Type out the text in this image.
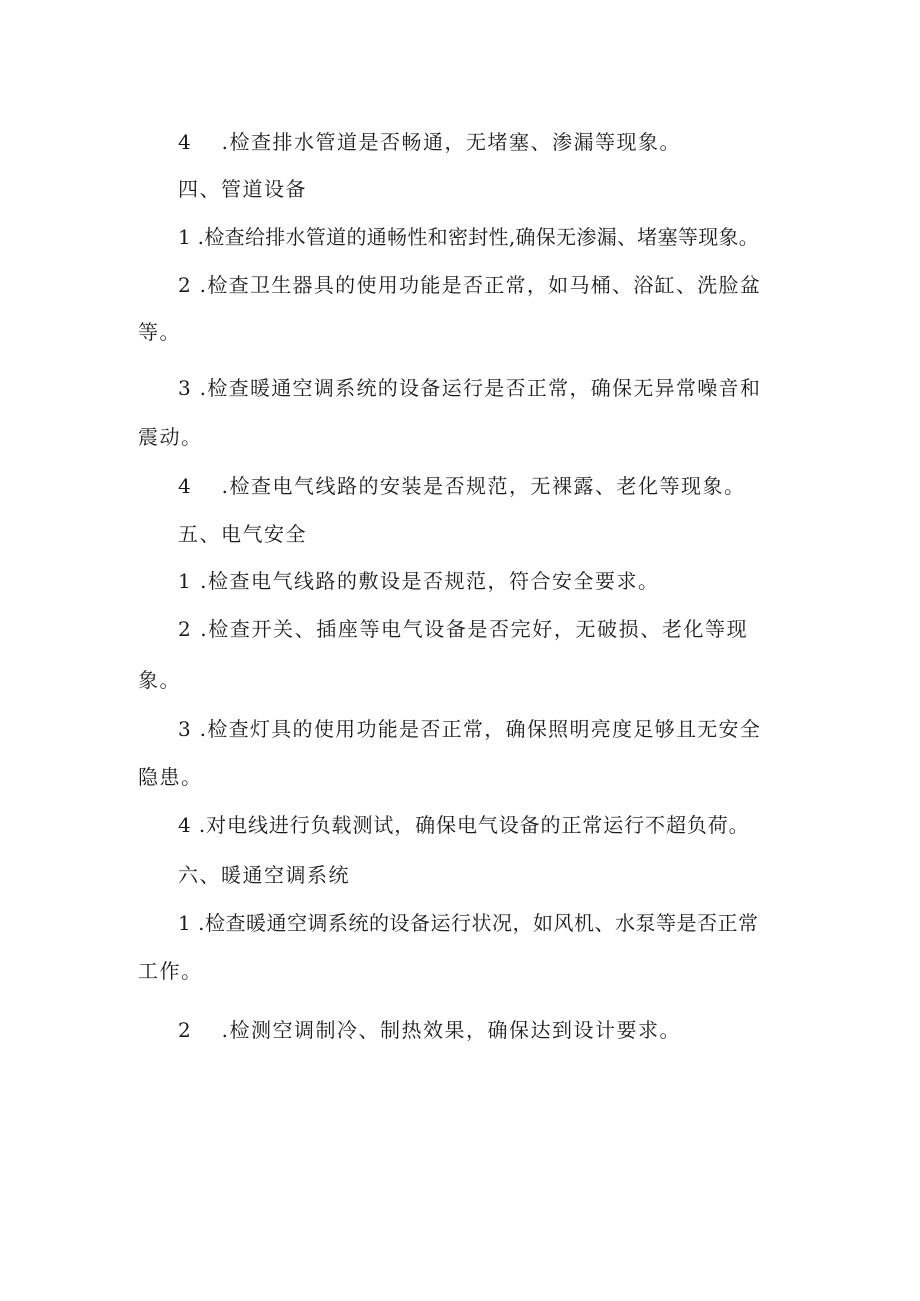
4　 .检查排水管道是否畅通，无堵塞、渗漏等现象。
四、管道设备
1 .检查给排水管道的通畅性和密封性,确保无渗漏、堵塞等现象。
2 .检查卫生器具的使用功能是否正常，如马桶、浴缸、洗脸盆
等。
3 .检查暖通空调系统的设备运行是否正常，确保无异常噪音和
震动。
4　 .检查电气线路的安装是否规范，无裸露、老化等现象。
五、电气安全
1 .检查电气线路的敷设是否规范，符合安全要求。
2 .检查开关、插座等电气设备是否完好，无破损、老化等现
象。
3 .检查灯具的使用功能是否正常，确保照明亮度足够且无安全
隐患。
4 .对电线进行负载测试，确保电气设备的正常运行不超负荷。
六、暖通空调系统
1 .检查暖通空调系统的设备运行状况，如风机、水泵等是否正常
工作。
2　 .检测空调制冷、制热效果，确保达到设计要求。
